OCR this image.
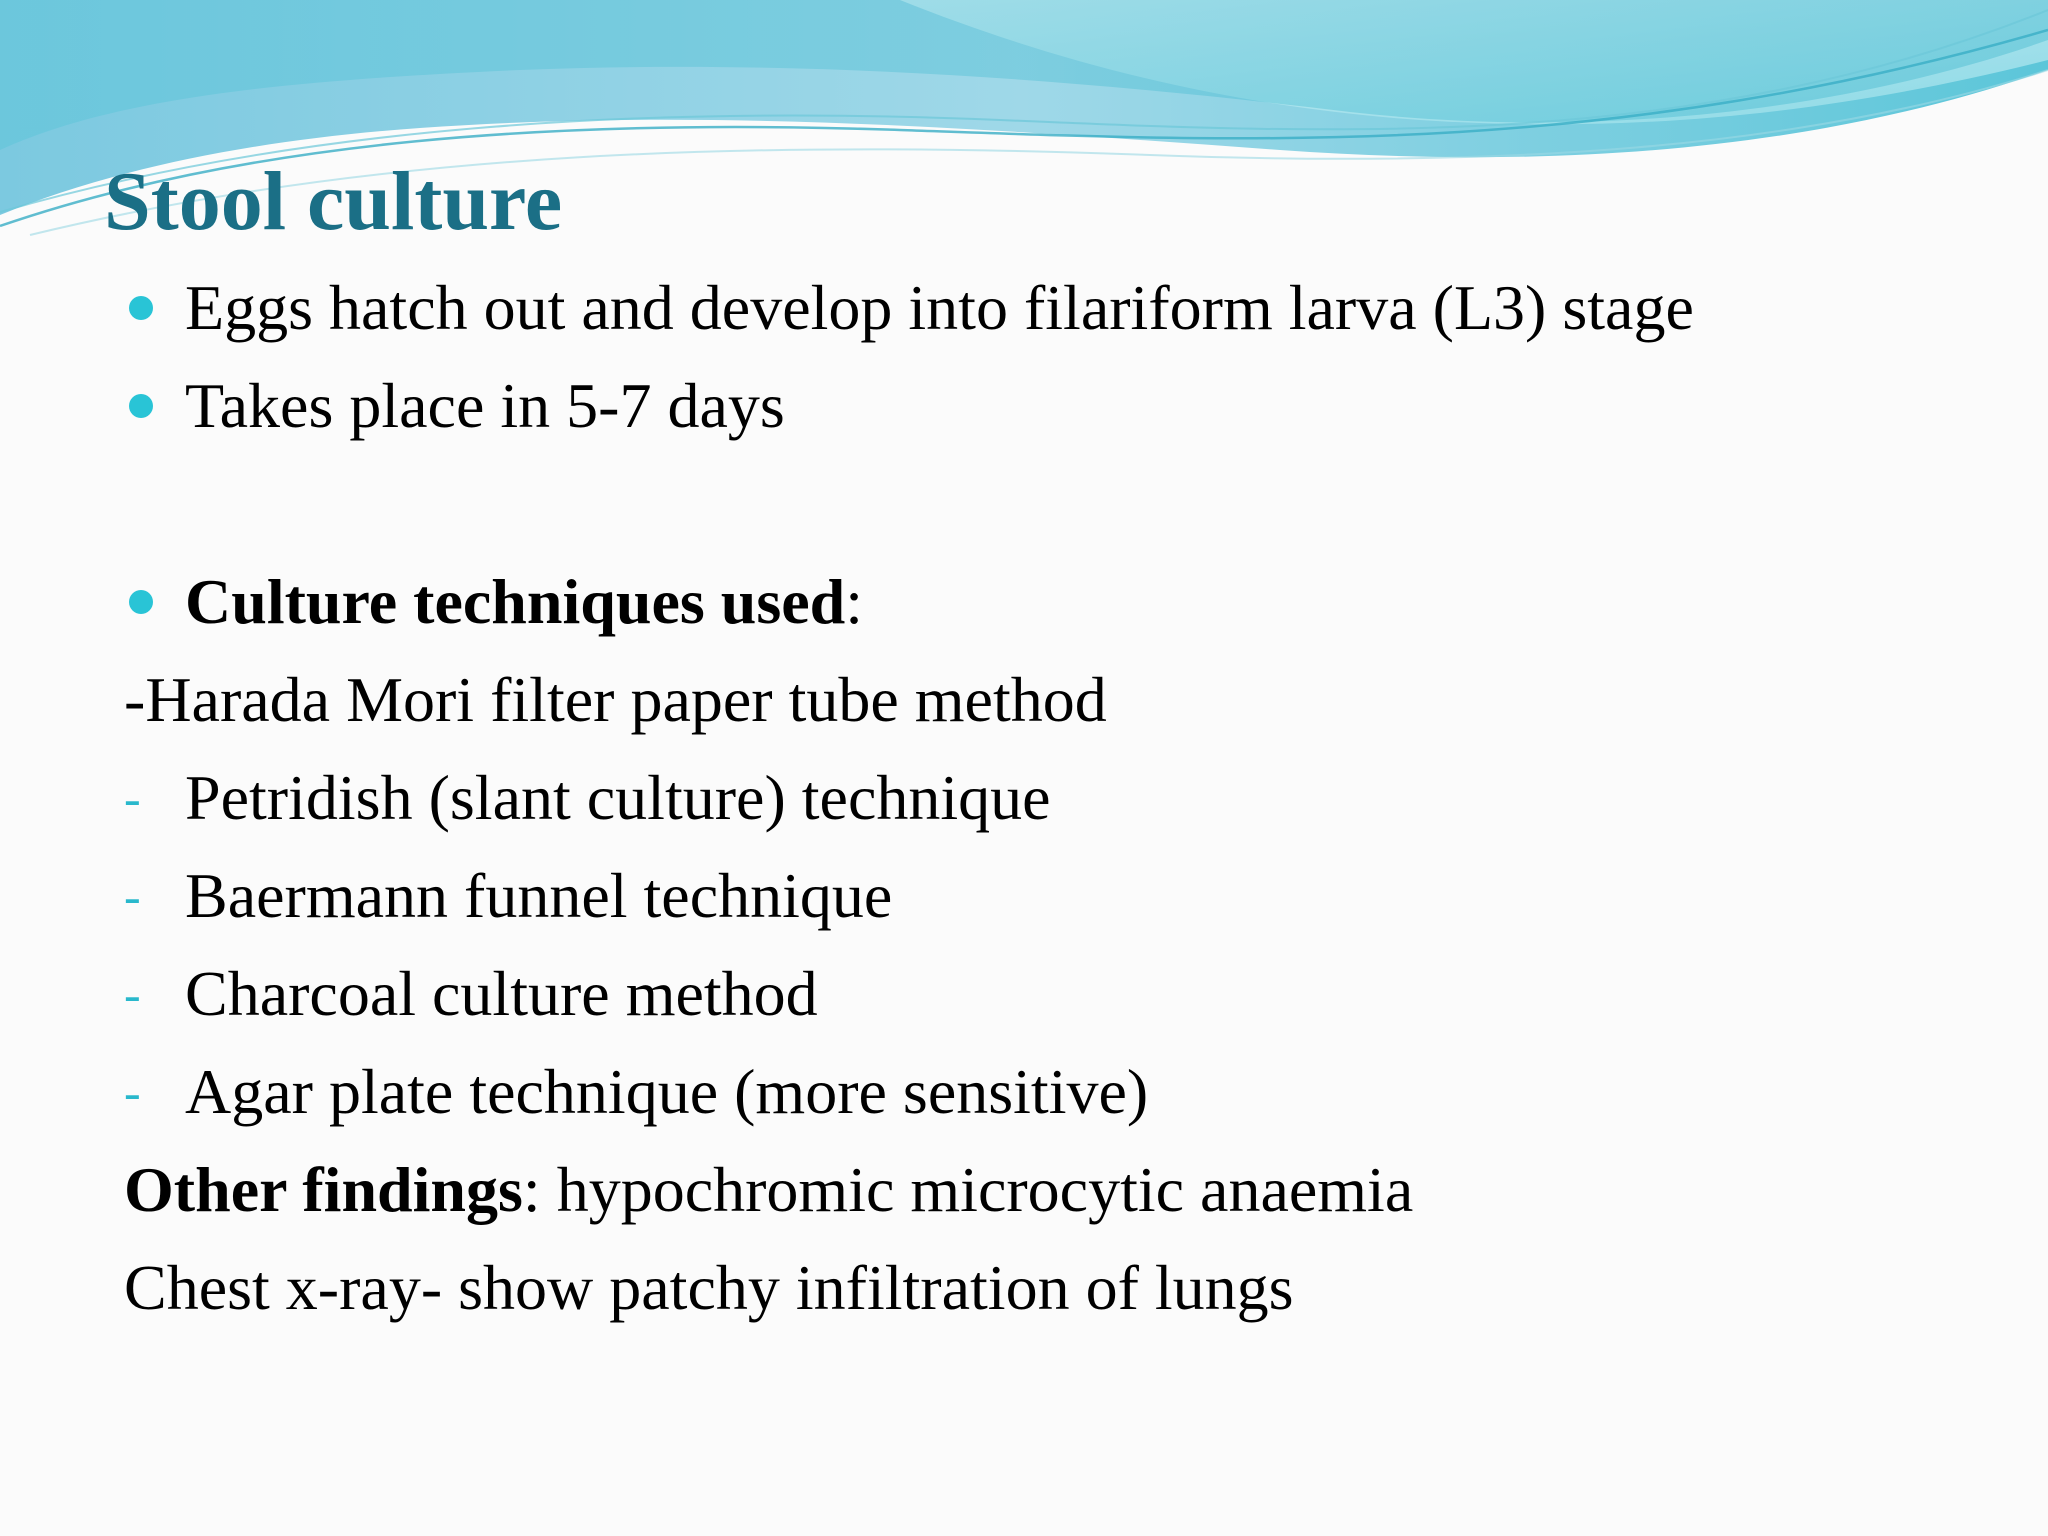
Stool culture
Eggs hatch out and develop into filariform larva (L3) stage
Takes place in 5-7 days
Culture techniques used:
-Harada Mori filter paper tube method
- Petridish (slant culture) technique
- Baermann funnel technique
- Charcoal culture method
- Agar plate technique (more sensitive)
Other findings: hypochromic microcytic anaemia
Chest x-ray- show patchy infiltration of lungs
